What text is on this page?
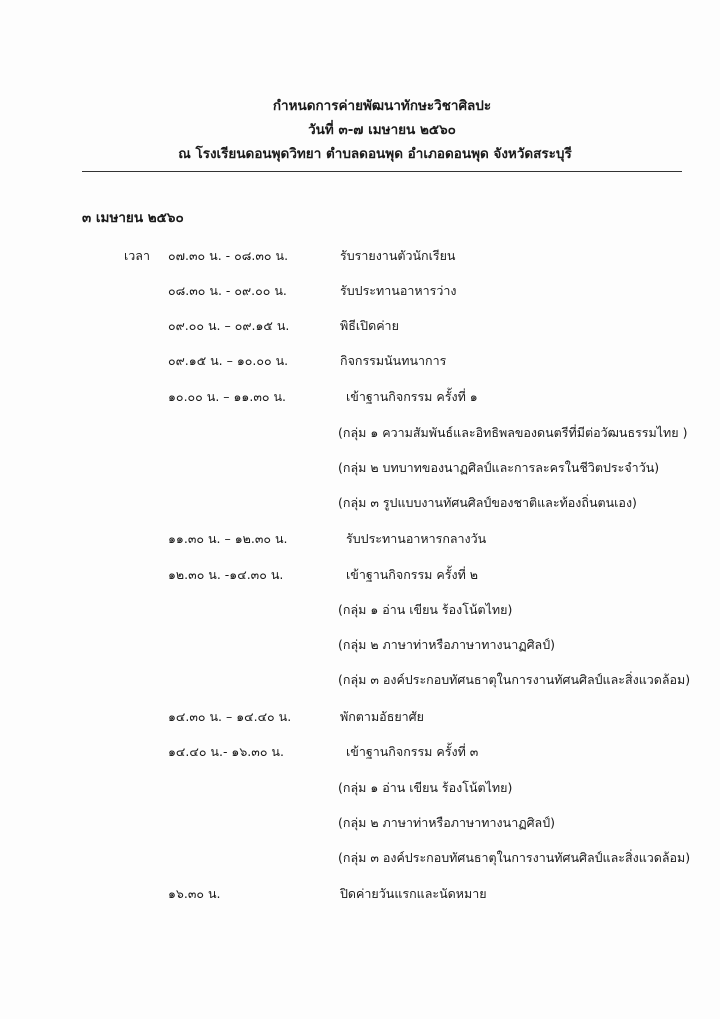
กำหนดการค่ายพัฒนาทักษะวิชาศิลปะ
วันที่ ๓-๗ เมษายน ๒๕๖๐
ณ โรงเรียนดอนพุดวิทยา ตำบลดอนพุด อำเภอดอนพุด จังหวัดสระบุรี
๓ เมษายน ๒๕๖๐
เวลา ๐๗.๓๐ น. - ๐๘.๓๐ น.	รับรายงานตัวนักเรียน
๐๘.๓๐ น. - ๐๙.๐๐ น.	รับประทานอาหารว่าง
๐๙.๐๐ น. – ๐๙.๑๕ น.	พิธีเปิดค่าย
๐๙.๑๕ น. – ๑๐.๐๐ น.	กิจกรรมนันทนาการ
๑๐.๐๐ น. – ๑๑.๓๐ น.	เข้าฐานกิจกรรม ครั้งที่ ๑
(กลุ่ม ๑ ความสัมพันธ์และอิทธิพลของดนตรีที่มีต่อวัฒนธรรมไทย )
(กลุ่ม ๒ บทบาทของนาฏศิลป์และการละครในชีวิตประจำวัน)
(กลุ่ม ๓ รูปแบบงานทัศนศิลป์ของชาติและท้องถิ่นตนเอง)
๑๑.๓๐ น. – ๑๒.๓๐ น.	รับประทานอาหารกลางวัน
๑๒.๓๐ น. -๑๔.๓๐ น.	เข้าฐานกิจกรรม ครั้งที่ ๒
(กลุ่ม ๑ อ่าน เขียน ร้องโน้ตไทย)
(กลุ่ม ๒ ภาษาท่าหรือภาษาทางนาฏศิลป์)
(กลุ่ม ๓ องค์ประกอบทัศนธาตุในการงานทัศนศิลป์และสิ่งแวดล้อม)
๑๔.๓๐ น. – ๑๔.๔๐ น.	พักตามอัธยาศัย
๑๔.๔๐ น.- ๑๖.๓๐ น.	เข้าฐานกิจกรรม ครั้งที่ ๓
(กลุ่ม ๑ อ่าน เขียน ร้องโน้ตไทย)
(กลุ่ม ๒ ภาษาท่าหรือภาษาทางนาฏศิลป์)
(กลุ่ม ๓ องค์ประกอบทัศนธาตุในการงานทัศนศิลป์และสิ่งแวดล้อม)
๑๖.๓๐ น.	ปิดค่ายวันแรกและนัดหมาย
